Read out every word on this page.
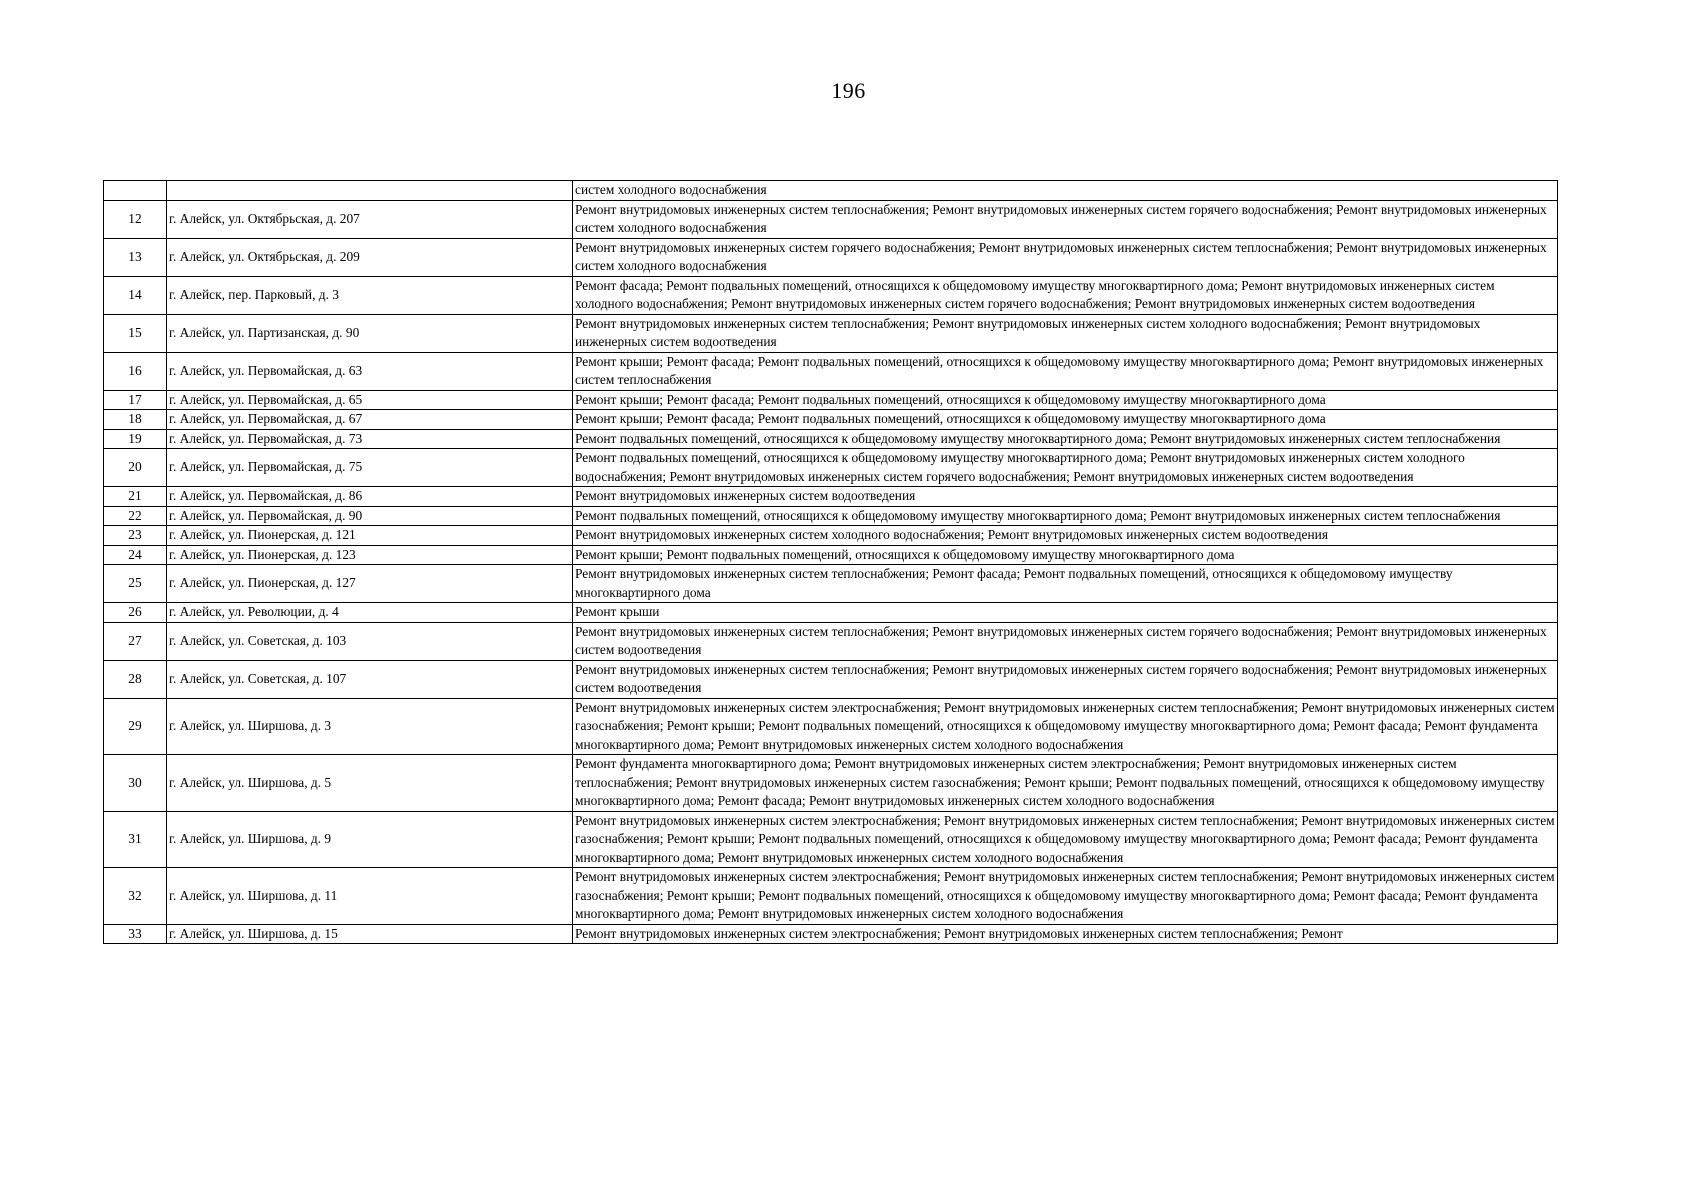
196
		систем холодного водоснабжения
12	г. Алейск, ул. Октябрьская, д. 207	Ремонт внутридомовых инженерных систем теплоснабжения; Ремонт внутридомовых инженерных систем горячего водоснабжения; Ремонт внутридомовых инженерных систем холодного водоснабжения
13	г. Алейск, ул. Октябрьская, д. 209	Ремонт внутридомовых инженерных систем горячего водоснабжения; Ремонт внутридомовых инженерных систем теплоснабжения; Ремонт внутридомовых инженерных систем холодного водоснабжения
14	г. Алейск, пер. Парковый, д. 3	Ремонт фасада; Ремонт подвальных помещений, относящихся к общедомовому имуществу многоквартирного дома; Ремонт внутридомовых инженерных систем холодного водоснабжения; Ремонт внутридомовых инженерных систем горячего водоснабжения; Ремонт внутридомовых инженерных систем водоотведения
15	г. Алейск, ул. Партизанская, д. 90	Ремонт внутридомовых инженерных систем теплоснабжения; Ремонт внутридомовых инженерных систем холодного водоснабжения; Ремонт внутридомовых инженерных систем водоотведения
16	г. Алейск, ул. Первомайская, д. 63	Ремонт крыши; Ремонт фасада; Ремонт подвальных помещений, относящихся к общедомовому имуществу многоквартирного дома; Ремонт внутридомовых инженерных систем теплоснабжения
17	г. Алейск, ул. Первомайская, д. 65	Ремонт крыши; Ремонт фасада; Ремонт подвальных помещений, относящихся к общедомовому имуществу многоквартирного дома
18	г. Алейск, ул. Первомайская, д. 67	Ремонт крыши; Ремонт фасада; Ремонт подвальных помещений, относящихся к общедомовому имуществу многоквартирного дома
19	г. Алейск, ул. Первомайская, д. 73	Ремонт подвальных помещений, относящихся к общедомовому имуществу многоквартирного дома; Ремонт внутридомовых инженерных систем теплоснабжения
20	г. Алейск, ул. Первомайская, д. 75	Ремонт подвальных помещений, относящихся к общедомовому имуществу многоквартирного дома; Ремонт внутридомовых инженерных систем холодного водоснабжения; Ремонт внутридомовых инженерных систем горячего водоснабжения; Ремонт внутридомовых инженерных систем водоотведения
21	г. Алейск, ул. Первомайская, д. 86	Ремонт внутридомовых инженерных систем водоотведения
22	г. Алейск, ул. Первомайская, д. 90	Ремонт подвальных помещений, относящихся к общедомовому имуществу многоквартирного дома; Ремонт внутридомовых инженерных систем теплоснабжения
23	г. Алейск, ул. Пионерская, д. 121	Ремонт внутридомовых инженерных систем холодного водоснабжения; Ремонт внутридомовых инженерных систем водоотведения
24	г. Алейск, ул. Пионерская, д. 123	Ремонт крыши; Ремонт подвальных помещений, относящихся к общедомовому имуществу многоквартирного дома
25	г. Алейск, ул. Пионерская, д. 127	Ремонт внутридомовых инженерных систем теплоснабжения; Ремонт фасада; Ремонт подвальных помещений, относящихся к общедомовому имуществу многоквартирного дома
26	г. Алейск, ул. Революции, д. 4	Ремонт крыши
27	г. Алейск, ул. Советская, д. 103	Ремонт внутридомовых инженерных систем теплоснабжения; Ремонт внутридомовых инженерных систем горячего водоснабжения; Ремонт внутридомовых инженерных систем водоотведения
28	г. Алейск, ул. Советская, д. 107	Ремонт внутридомовых инженерных систем теплоснабжения; Ремонт внутридомовых инженерных систем горячего водоснабжения; Ремонт внутридомовых инженерных систем водоотведения
29	г. Алейск, ул. Ширшова, д. 3	Ремонт внутридомовых инженерных систем электроснабжения; Ремонт внутридомовых инженерных систем теплоснабжения; Ремонт внутридомовых инженерных систем газоснабжения; Ремонт крыши; Ремонт подвальных помещений, относящихся к общедомовому имуществу многоквартирного дома; Ремонт фасада; Ремонт фундамента многоквартирного дома; Ремонт внутридомовых инженерных систем холодного водоснабжения
30	г. Алейск, ул. Ширшова, д. 5	Ремонт фундамента многоквартирного дома; Ремонт внутридомовых инженерных систем электроснабжения; Ремонт внутридомовых инженерных систем теплоснабжения; Ремонт внутридомовых инженерных систем газоснабжения; Ремонт крыши; Ремонт подвальных помещений, относящихся к общедомовому имуществу многоквартирного дома; Ремонт фасада; Ремонт внутридомовых инженерных систем холодного водоснабжения
31	г. Алейск, ул. Ширшова, д. 9	Ремонт внутридомовых инженерных систем электроснабжения; Ремонт внутридомовых инженерных систем теплоснабжения; Ремонт внутридомовых инженерных систем газоснабжения; Ремонт крыши; Ремонт подвальных помещений, относящихся к общедомовому имуществу многоквартирного дома; Ремонт фасада; Ремонт фундамента многоквартирного дома; Ремонт внутридомовых инженерных систем холодного водоснабжения
32	г. Алейск, ул. Ширшова, д. 11	Ремонт внутридомовых инженерных систем электроснабжения; Ремонт внутридомовых инженерных систем теплоснабжения; Ремонт внутридомовых инженерных систем газоснабжения; Ремонт крыши; Ремонт подвальных помещений, относящихся к общедомовому имуществу многоквартирного дома; Ремонт фасада; Ремонт фундамента многоквартирного дома; Ремонт внутридомовых инженерных систем холодного водоснабжения
33	г. Алейск, ул. Ширшова, д. 15	Ремонт внутридомовых инженерных систем электроснабжения; Ремонт внутридомовых инженерных систем теплоснабжения; Ремонт
